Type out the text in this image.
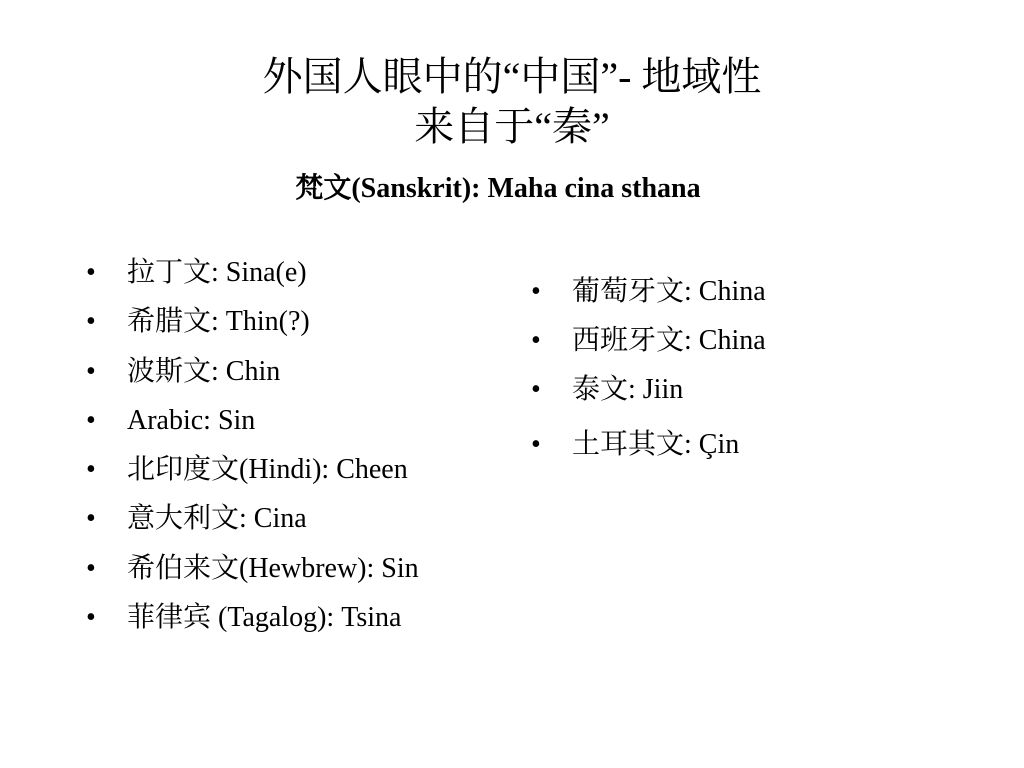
外国人眼中的“中国”- 地域性
来自于“秦”
梵文(Sanskrit): Maha cina sthana
• 拉丁文: Sina(e)
• 希腊文: Thin(?)
• 波斯文: Chin
• Arabic: Sin
• 北印度文(Hindi): Cheen
• 意大利文: Cina
• 希伯来文(Hewbrew): Sin
• 菲律宾 (Tagalog): Tsina
• 葡萄牙文: China
• 西班牙文: China
• 泰文: Jiin
• 土耳其文: Çin
